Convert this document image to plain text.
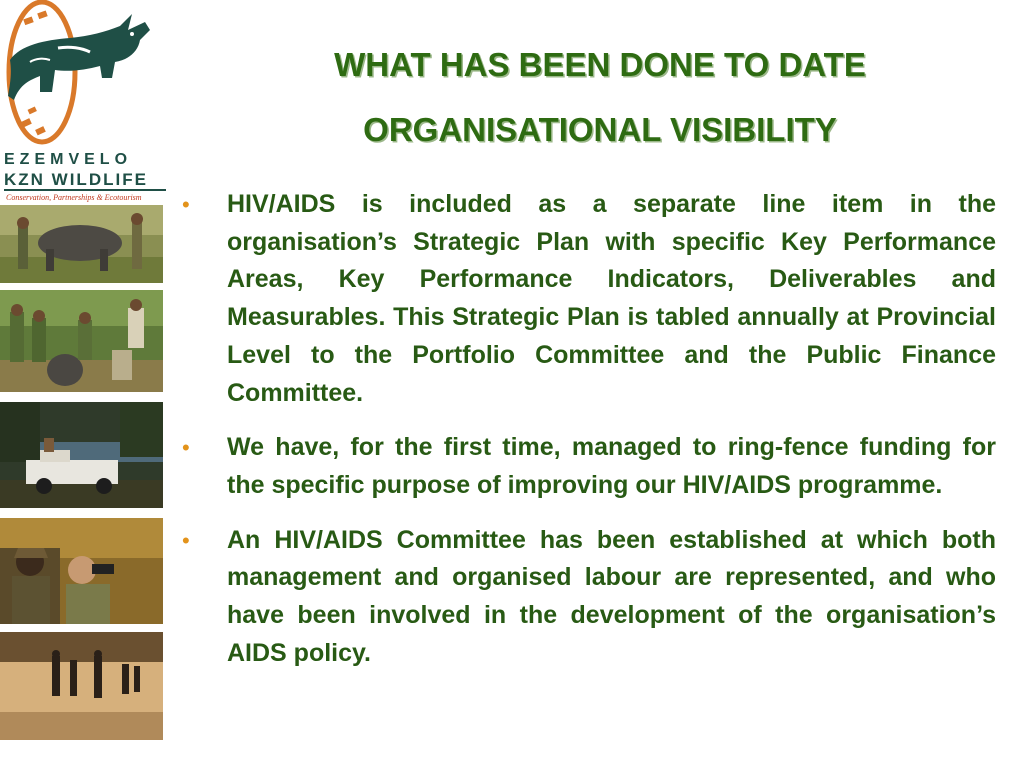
EZEMVELO
KZN WILDLIFE
Conservation, Partnerships & Ecotourism
WHAT HAS BEEN DONE TO DATE
ORGANISATIONAL VISIBILITY
• HIV/AIDS is included as a separate line item in the organisation’s Strategic Plan with specific Key Performance Areas, Key Performance Indicators, Deliverables and Measurables. This Strategic Plan is tabled annually at Provincial Level to the Portfolio Committee and the Public Finance Committee.

• We have, for the first time, managed to ring-fence funding for the specific purpose of improving our HIV/AIDS programme.

• An HIV/AIDS Committee has been established at which both management and organised labour are represented, and who have been involved in the development of the organisation’s AIDS policy.
